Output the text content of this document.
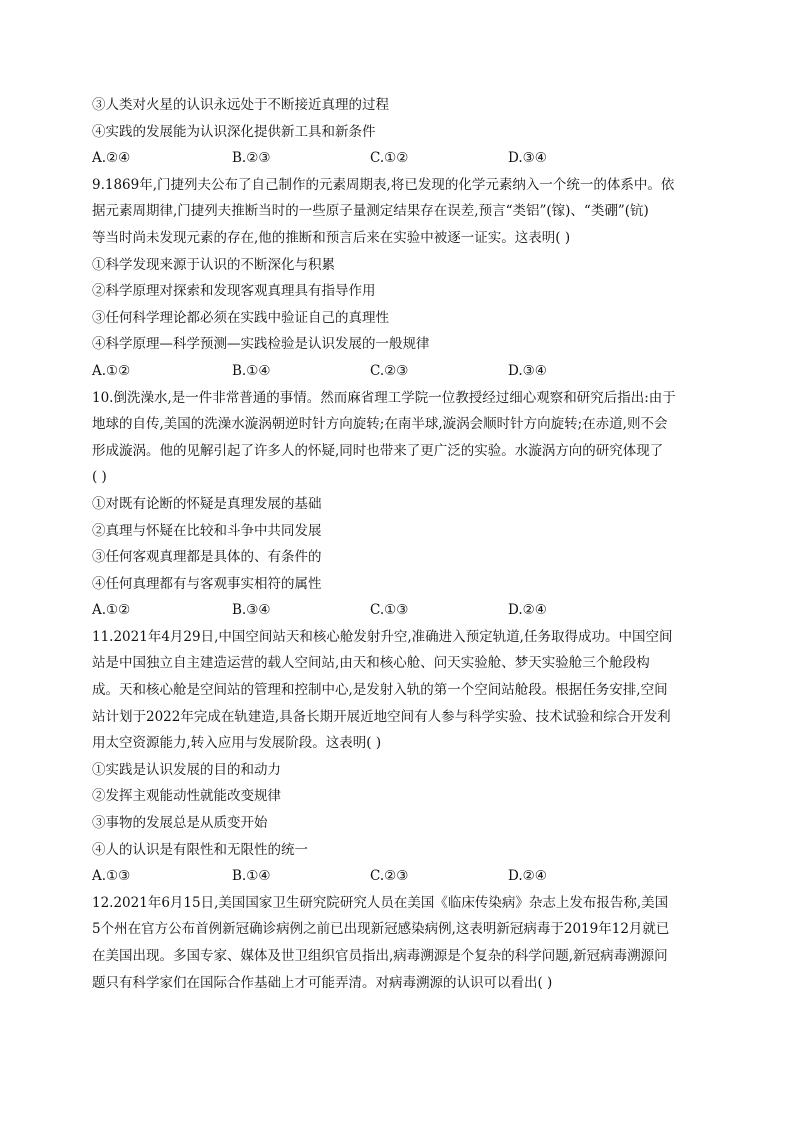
③人类对火星的认识永远处于不断接近真理的过程
④实践的发展能为认识深化提供新工具和新条件
A.②④	B.②③	C.①②	D.③④
9.1869年,门捷列夫公布了自己制作的元素周期表,将已发现的化学元素纳入一个统一的体系中。依
据元素周期律,门捷列夫推断当时的一些原子量测定结果存在误差,预言“类铝”(镓)、“类硼”(钪)
等当时尚未发现元素的存在,他的推断和预言后来在实验中被逐一证实。这表明( )
①科学发现来源于认识的不断深化与积累
②科学原理对探索和发现客观真理具有指导作用
③任何科学理论都必须在实践中验证自己的真理性
④科学原理—科学预测—实践检验是认识发展的一般规律
A.①②	B.①④	C.②③	D.③④
10.倒洗澡水,是一件非常普通的事情。然而麻省理工学院一位教授经过细心观察和研究后指出:由于
地球的自传,美国的洗澡水漩涡朝逆时针方向旋转;在南半球,漩涡会顺时针方向旋转;在赤道,则不会
形成漩涡。他的见解引起了许多人的怀疑,同时也带来了更广泛的实验。水漩涡方向的研究体现了
( )
①对既有论断的怀疑是真理发展的基础
②真理与怀疑在比较和斗争中共同发展
③任何客观真理都是具体的、有条件的
④任何真理都有与客观事实相符的属性
A.①②	B.③④	C.①③	D.②④
11.2021年4月29日,中国空间站天和核心舱发射升空,准确进入预定轨道,任务取得成功。中国空间
站是中国独立自主建造运营的载人空间站,由天和核心舱、问天实验舱、梦天实验舱三个舱段构
成。天和核心舱是空间站的管理和控制中心,是发射入轨的第一个空间站舱段。根据任务安排,空间
站计划于2022年完成在轨建造,具备长期开展近地空间有人参与科学实验、技术试验和综合开发利
用太空资源能力,转入应用与发展阶段。这表明( )
①实践是认识发展的目的和动力
②发挥主观能动性就能改变规律
③事物的发展总是从质变开始
④人的认识是有限性和无限性的统一
A.①③	B.①④	C.②③	D.②④
12.2021年6月15日,美国国家卫生研究院研究人员在美国《临床传染病》杂志上发布报告称,美国
5个州在官方公布首例新冠确诊病例之前已出现新冠感染病例,这表明新冠病毒于2019年12月就已
在美国出现。多国专家、媒体及世卫组织官员指出,病毒溯源是个复杂的科学问题,新冠病毒溯源问
题只有科学家们在国际合作基础上才可能弄清。对病毒溯源的认识可以看出( )
